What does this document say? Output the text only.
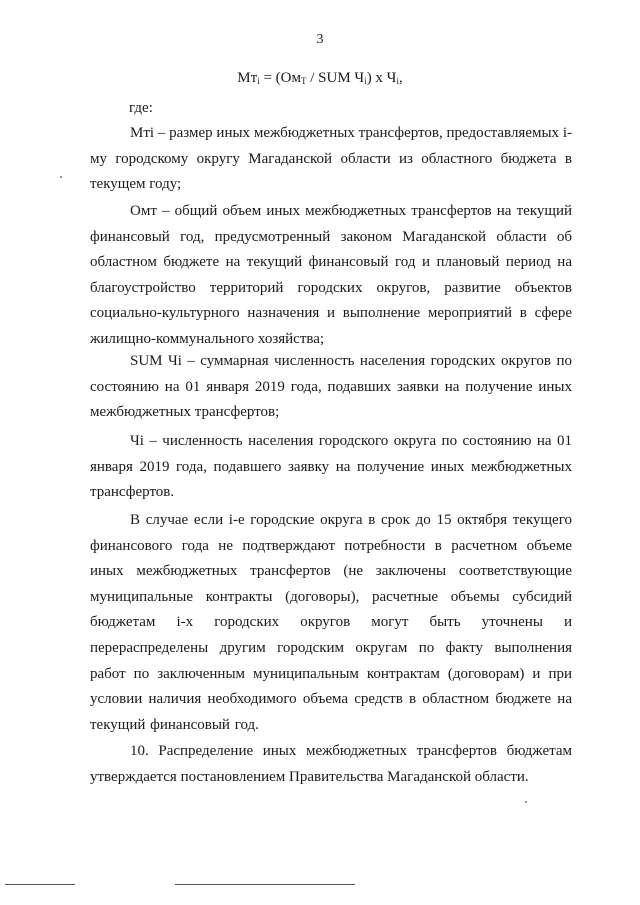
3
$Мт_i = (Ом_Т$ / SUM $Ч_i$) х $Ч_i$,
где:

Мтi – размер иных межбюджетных трансфертов, предоставляемых i-му городскому округу Магаданской области из областного бюджета в текущем году;

Омт – общий объем иных межбюджетных трансфертов на текущий финансовый год, предусмотренный законом Магаданской области об областном бюджете на текущий финансовый год и плановый период на благоустройство территорий городских округов, развитие объектов социально-культурного назначения и выполнение мероприятий в сфере жилищно-коммунального хозяйства;

SUM Чi – суммарная численность населения городских округов по состоянию на 01 января 2019 года, подавших заявки на получение иных межбюджетных трансфертов;

Чi – численность населения городского округа по состоянию на 01 января 2019 года, подавшего заявку на получение иных межбюджетных трансфертов.

В случае если i-е городские округа в срок до 15 октября текущего финансового года не подтверждают потребности в расчетном объеме иных межбюджетных трансфертов (не заключены соответствующие муниципальные контракты (договоры), расчетные объемы субсидий бюджетам i-х городских округов могут быть уточнены и перераспределены другим городским округам по факту выполнения работ по заключенным муниципальным контрактам (договорам) и при условии наличия необходимого объема средств в областном бюджете на текущий финансовый год.

10. Распределение иных межбюджетных трансфертов бюджетам утверждается постановлением Правительства Магаданской области.
